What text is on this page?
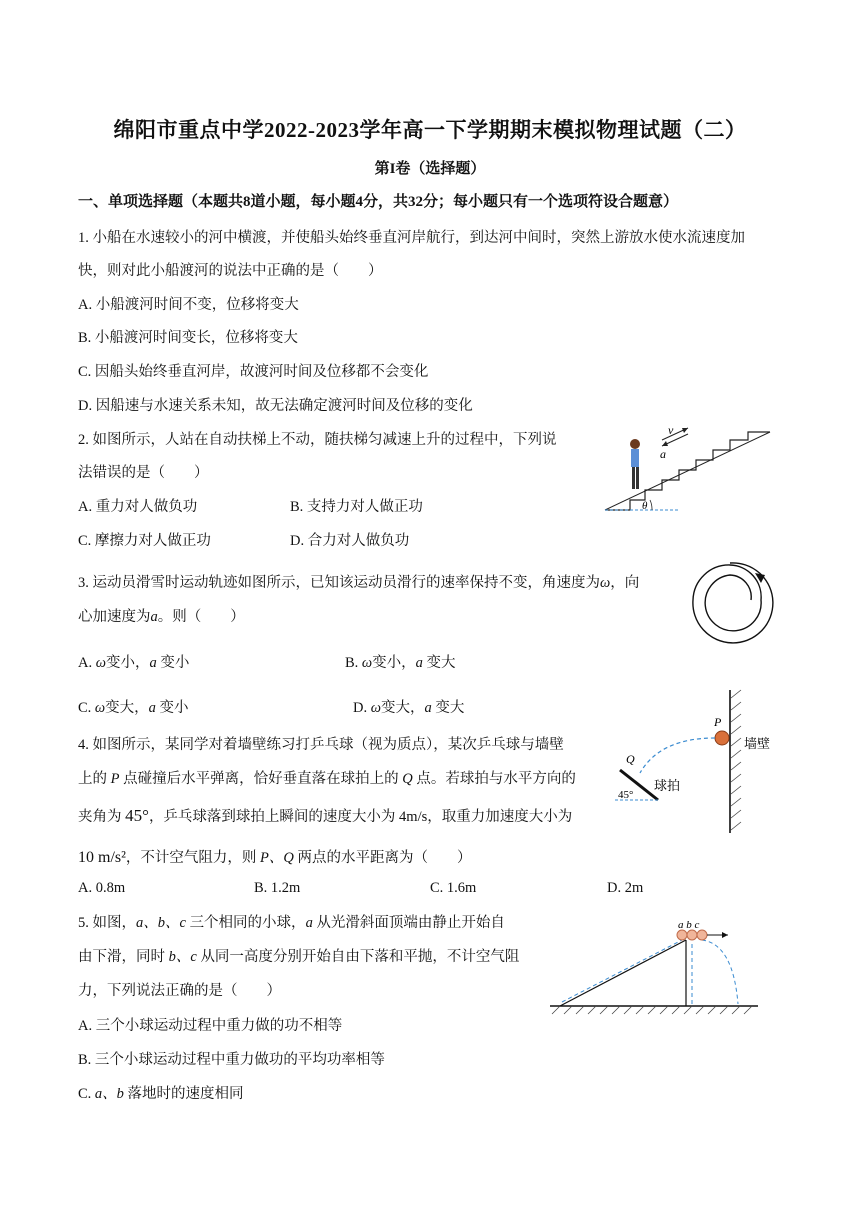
绵阳市重点中学2022-2023学年高一下学期期末模拟物理试题（二）
第I卷（选择题）
一、单项选择题（本题共8道小题，每小题4分，共32分；每小题只有一个选项符设合题意）
1. 小船在水速较小的河中横渡，并使船头始终垂直河岸航行，到达河中间时，突然上游放水使水流速度加
快，则对此小船渡河的说法中正确的是（　　）
A. 小船渡河时间不变，位移将变大
B. 小船渡河时间变长，位移将变大
C. 因船头始终垂直河岸，故渡河时间及位移都不会变化
D. 因船速与水速关系未知，故无法确定渡河时间及位移的变化
2. 如图所示，人站在自动扶梯上不动，随扶梯匀减速上升的过程中，下列说
法错误的是（　　）
A. 重力对人做负功	B. 支持力对人做正功
C. 摩擦力对人做正功	D. 合力对人做负功
θ
v
a
3. 运动员滑雪时运动轨迹如图所示，已知该运动员滑行的速率保持不变，角速度为ω，向
心加速度为a。则（　　）
A. ω变小，a 变小	B. ω变小，a 变大
C. ω变大，a 变小	D. ω变大，a 变大
4. 如图所示，某同学对着墙壁练习打乒乓球（视为质点），某次乒乓球与墙壁
上的 P 点碰撞后水平弹离，恰好垂直落在球拍上的 Q 点。若球拍与水平方向的
夹角为 45°，乒乓球落到球拍上瞬间的速度大小为 4m/s，取重力加速度大小为
10 m/s²，不计空气阻力，则 P、Q 两点的水平距离为（　　）
A. 0.8m	B. 1.2m	C. 1.6m	D. 2m
墙壁
P
Q
45°
球拍
5. 如图，a、b、c 三个相同的小球，a 从光滑斜面顶端由静止开始自
由下滑，同时 b、c 从同一高度分别开始自由下落和平抛，不计空气阻
力，下列说法正确的是（　　）
A. 三个小球运动过程中重力做的功不相等
B. 三个小球运动过程中重力做功的平均功率相等
C. a、b 落地时的速度相同
a b c
